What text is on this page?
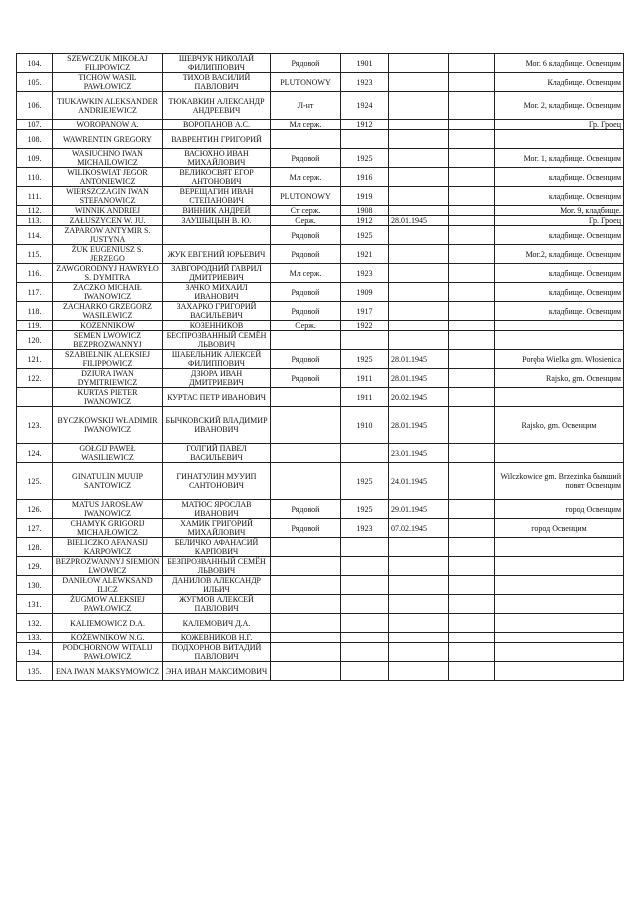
104.	SZEWCZUK MIKOŁAJ FILIPOWICZ	ШЕВЧУК НИКОЛАЙ ФИЛИППОВИЧ	Рядовой	1901			Мог. 6 кладбище. Освенцим
105.	TICHOW WASIL PAWŁOWICZ	ТИХОВ ВАСИЛИЙ ПАВЛОВИЧ	PLUTONOWY	1923			Кладбище. Освенцим
106.	TIUKAWKIN ALEKSANDER ANDRIEJEWICZ	ТЮКАВКИН АЛЕКСАНДР АНДРЕЕВИЧ	Л-нт	1924			Мог. 2, кладбище. Освенцим
107.	WOROPANOW A.	ВОРОПАНОВ А.С.	Мл серж.	1912			Гр. Гроец
108.	WAWRENTIN GREGORY	ВАВРЕНТИН ГРИГОРИЙ					
109.	WASIUCHNO IWAN MICHAILOWICZ	ВАСЮХНО ИВАН МИХАЙЛОВИЧ	Рядовой	1925			Мог. 1, кладбище. Освенцим
110.	WILIKOSWIAT JEGOR ANTONIEWICZ	ВЕЛИКОСВЯТ ЕГОР АНТОНОВИЧ	Мл серж.	1916			кладбище. Освенцим
111.	WIERSZCZAGIN IWAN STEFANOWICZ	ВЕРЕЩАГИН ИВАН СТЕПАНОВИЧ	PLUTONOWY	1919			кладбище. Освенцим
112.	WINNIK ANDRIEJ	ВИННИК АНДРЕЙ	Ст серж.	1908			Мог. 9, кладбище.
113.	ZAŁUSZYCEN W. JU.	ЗАУШЫЦЫН В. Ю.	Серж.	1912	28.01.1945		Гр. Гроец
114.	ZAPAROW ANTYMIR S. JUSTYNA		Рядовой	1925			кладбище. Освенцим
115.	ŻUK EUGENIUSZ S. JERZEGO	ЖУК ЕВГЕНИЙ ЮРЬЕВИЧ	Рядовой	1921			Мог.2, кладбище. Освенцим
116.	ZAWGORODNYJ HAWRYŁO S. DYMITRA	ЗАВГОРОДНИЙ ГАВРИЛ ДМИТРИЕВИЧ	Мл серж.	1923			кладбище. Освенцим
117.	ZACZKO MICHAIŁ IWANOWICZ	ЗАЧКО МИХАИЛ ИВАНОВИЧ	Рядовой	1909			кладбище. Освенцим
118.	ZACHARKO GRZEGORZ WASILEWICZ	ЗАХАРКО ГРИГОРИЙ ВАСИЛЬЕВИЧ	Рядовой	1917			кладбище. Освенцим
119.	KOZENNIKOW	КОЗЕННИКОВ	Серж.	1922			
120.	SEMEN LWOWICZ BEZPROZWANNYJ	БЕСПРОЗВАННЫЙ СЕМЁН ЛЬВОВИЧ					
121.	SZABIELNIK ALEKSIEJ FILIPPOWICZ	ШАБЕЛЬНИК АЛЕКСЕЙ ФИЛИППОВИЧ	Рядовой	1925	28.01.1945		Poręba Wielka gm. Włosienica
122.	DZIURA IWAN DYMITRIEWICZ	ДЗЮРА ИВАН ДМИТРИЕВИЧ	Рядовой	1911	28.01.1945		Rajsko, gm. Освенцим
	KURTAS PIETER IWANOWICZ	КУРТАС ПЕТР ИВАНОВИЧ		1911	20.02.1945		
123.	BYCZKOWSKIJ WŁADIMIR IWANOWICZ	БЫЧКОВСКИЙ ВЛАДИМИР ИВАНОВИЧ		1910	28.01.1945		Rajsko, gm. Освенцим
124.	GOŁGIJ PAWEŁ WASILIEWICZ	ГОЛГИЙ ПАВЕЛ ВАСИЛЬЕВИЧ			23.01.1945		
125.	GINATULIN MUUIP SANTOWICZ	ГИНАТУЛИН МУУИП САНТОНОВИЧ		1925	24.01.1945		Wilczkowice gm. Brzezinka бывший повят Освенцим
126.	MATUS JAROSŁAW IWANOWICZ	МАТЮС ЯРОСЛАВ ИВАНОВИЧ	Рядовой	1925	29.01.1945		город Освенцим
127.	CHAMYK GRIGORIJ MICHAJŁOWICZ	ХАМИК ГРИГОРИЙ МИХАЙЛОВИЧ	Рядовой	1923	07.02.1945		город Освенцим
128.	BIELICZKO AFANASIJ KARPOWICZ	БЕЛИЧКО АФАНАСИЙ КАРПОВИЧ					
129.	BEZPROZWANNYJ SIEMION LWOWICZ	БЕЗПРОЗВАННЫЙ СЕМЁН ЛЬВОВИЧ					
130.	DANIŁOW ALEWKSAND ILICZ	ДАНИЛОВ АЛЕКСАНДР ИЛЬИЧ					
131.	ŻUGMOW ALEKSIEJ PAWŁOWICZ	ЖУГМОВ АЛЕКСЕЙ ПАВЛОВИЧ					
132.	KALIEMOWICZ D.A.	КАЛЕМОВИЧ Д.А.					
133.	KOŻEWNIKOW N.G.	КОЖЕВНИКОВ Н.Г.					
134.	PODCHORNOW WITALIJ PAWŁOWICZ	ПОДХОРНОВ ВИТАДИЙ ПАВЛОВИЧ					
135.	ENA IWAN MAKSYMOWICZ	ЭНА ИВАН МАКСИМОВИЧ					
